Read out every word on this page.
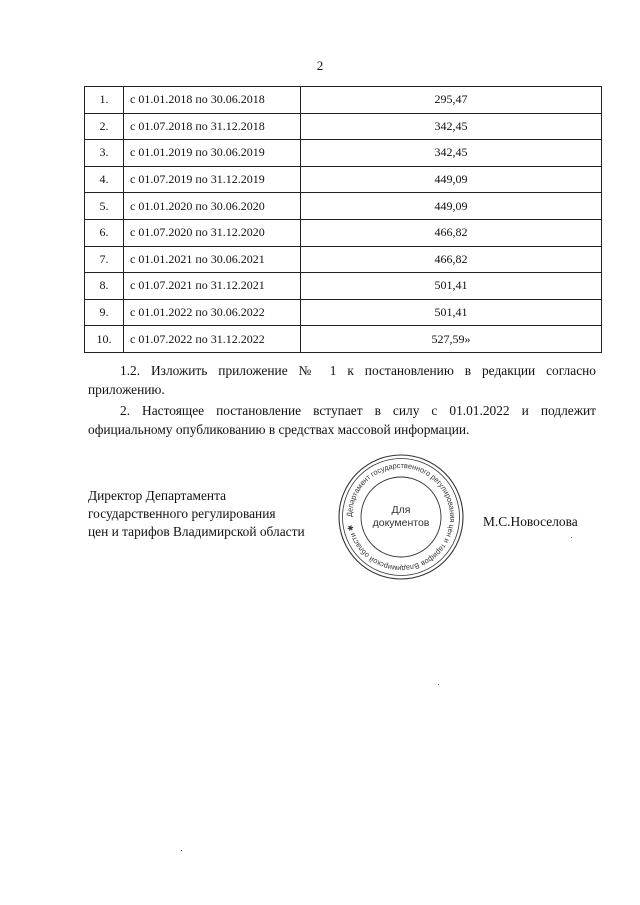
2
1.	с 01.01.2018 по 30.06.2018	295,47
2.	с 01.07.2018 по 31.12.2018	342,45
3.	с 01.01.2019 по 30.06.2019	342,45
4.	с 01.07.2019 по 31.12.2019	449,09
5.	с 01.01.2020 по 30.06.2020	449,09
6.	с 01.07.2020 по 31.12.2020	466,82
7.	с 01.01.2021 по 30.06.2021	466,82
8.	с 01.07.2021 по 31.12.2021	501,41
9.	с 01.01.2022 по 30.06.2022	501,41
10.	с 01.07.2022 по 31.12.2022	527,59»
1.2. Изложить приложение № 1 к постановлению в редакции согласно приложению.
2. Настоящее постановление вступает в силу с 01.01.2022 и подлежит официальному опубликованию в средствах массовой информации.
Директор Департамента
государственного регулирования
цен и тарифов Владимирской области
Департамент государственного регулирования цен и тарифов Владимирской области ✱
Для
документов	М.С.Новоселова
